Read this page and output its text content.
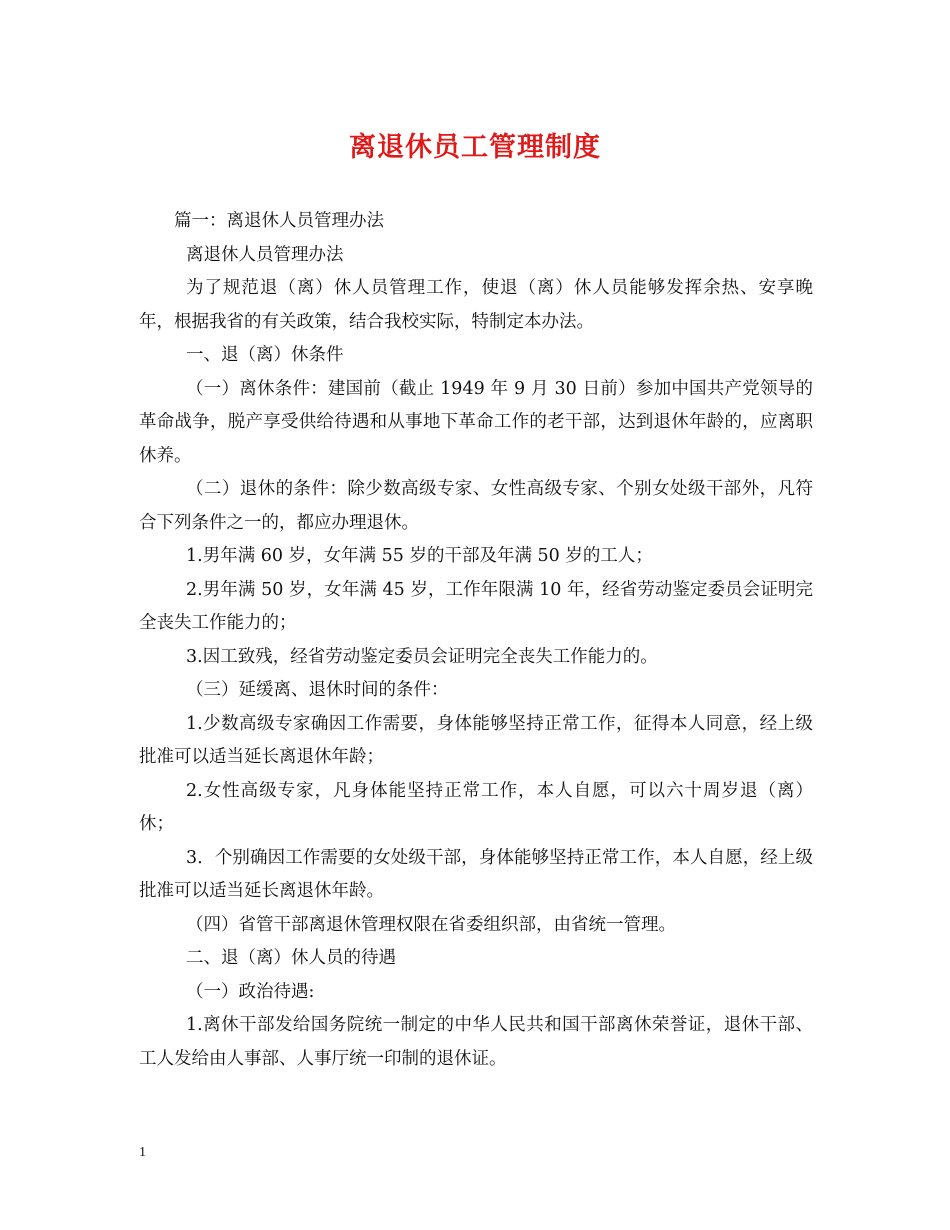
离退休员工管理制度

篇一：离退休人员管理办法

离退休人员管理办法

为了规范退（离）休人员管理工作，使退（离）休人员能够发挥余热、安享晚年，根据我省的有关政策，结合我校实际，特制定本办法。

一、退（离）休条件

（一）离休条件：建国前（截止 1949 年 9 月 30 日前）参加中国共产党领导的革命战争，脱产享受供给待遇和从事地下革命工作的老干部，达到退休年龄的，应离职休养。

（二）退休的条件：除少数高级专家、女性高级专家、个别女处级干部外，凡符合下列条件之一的，都应办理退休。

1.男年满 60 岁，女年满 55 岁的干部及年满 50 岁的工人；

2.男年满 50 岁，女年满 45 岁，工作年限满 10 年，经省劳动鉴定委员会证明完全丧失工作能力的；

3.因工致残，经省劳动鉴定委员会证明完全丧失工作能力的。

（三）延缓离、退休时间的条件：

1.少数高级专家确因工作需要，身体能够坚持正常工作，征得本人同意，经上级批准可以适当延长离退休年龄；

2.女性高级专家，凡身体能坚持正常工作，本人自愿，可以六十周岁退（离）休；

3．个别确因工作需要的女处级干部，身体能够坚持正常工作，本人自愿，经上级批准可以适当延长离退休年龄。

（四）省管干部离退休管理权限在省委组织部，由省统一管理。

二、退（离）休人员的待遇

（一）政治待遇:

1.离休干部发给国务院统一制定的中华人民共和国干部离休荣誉证，退休干部、工人发给由人事部、人事厅统一印制的退休证。

1
